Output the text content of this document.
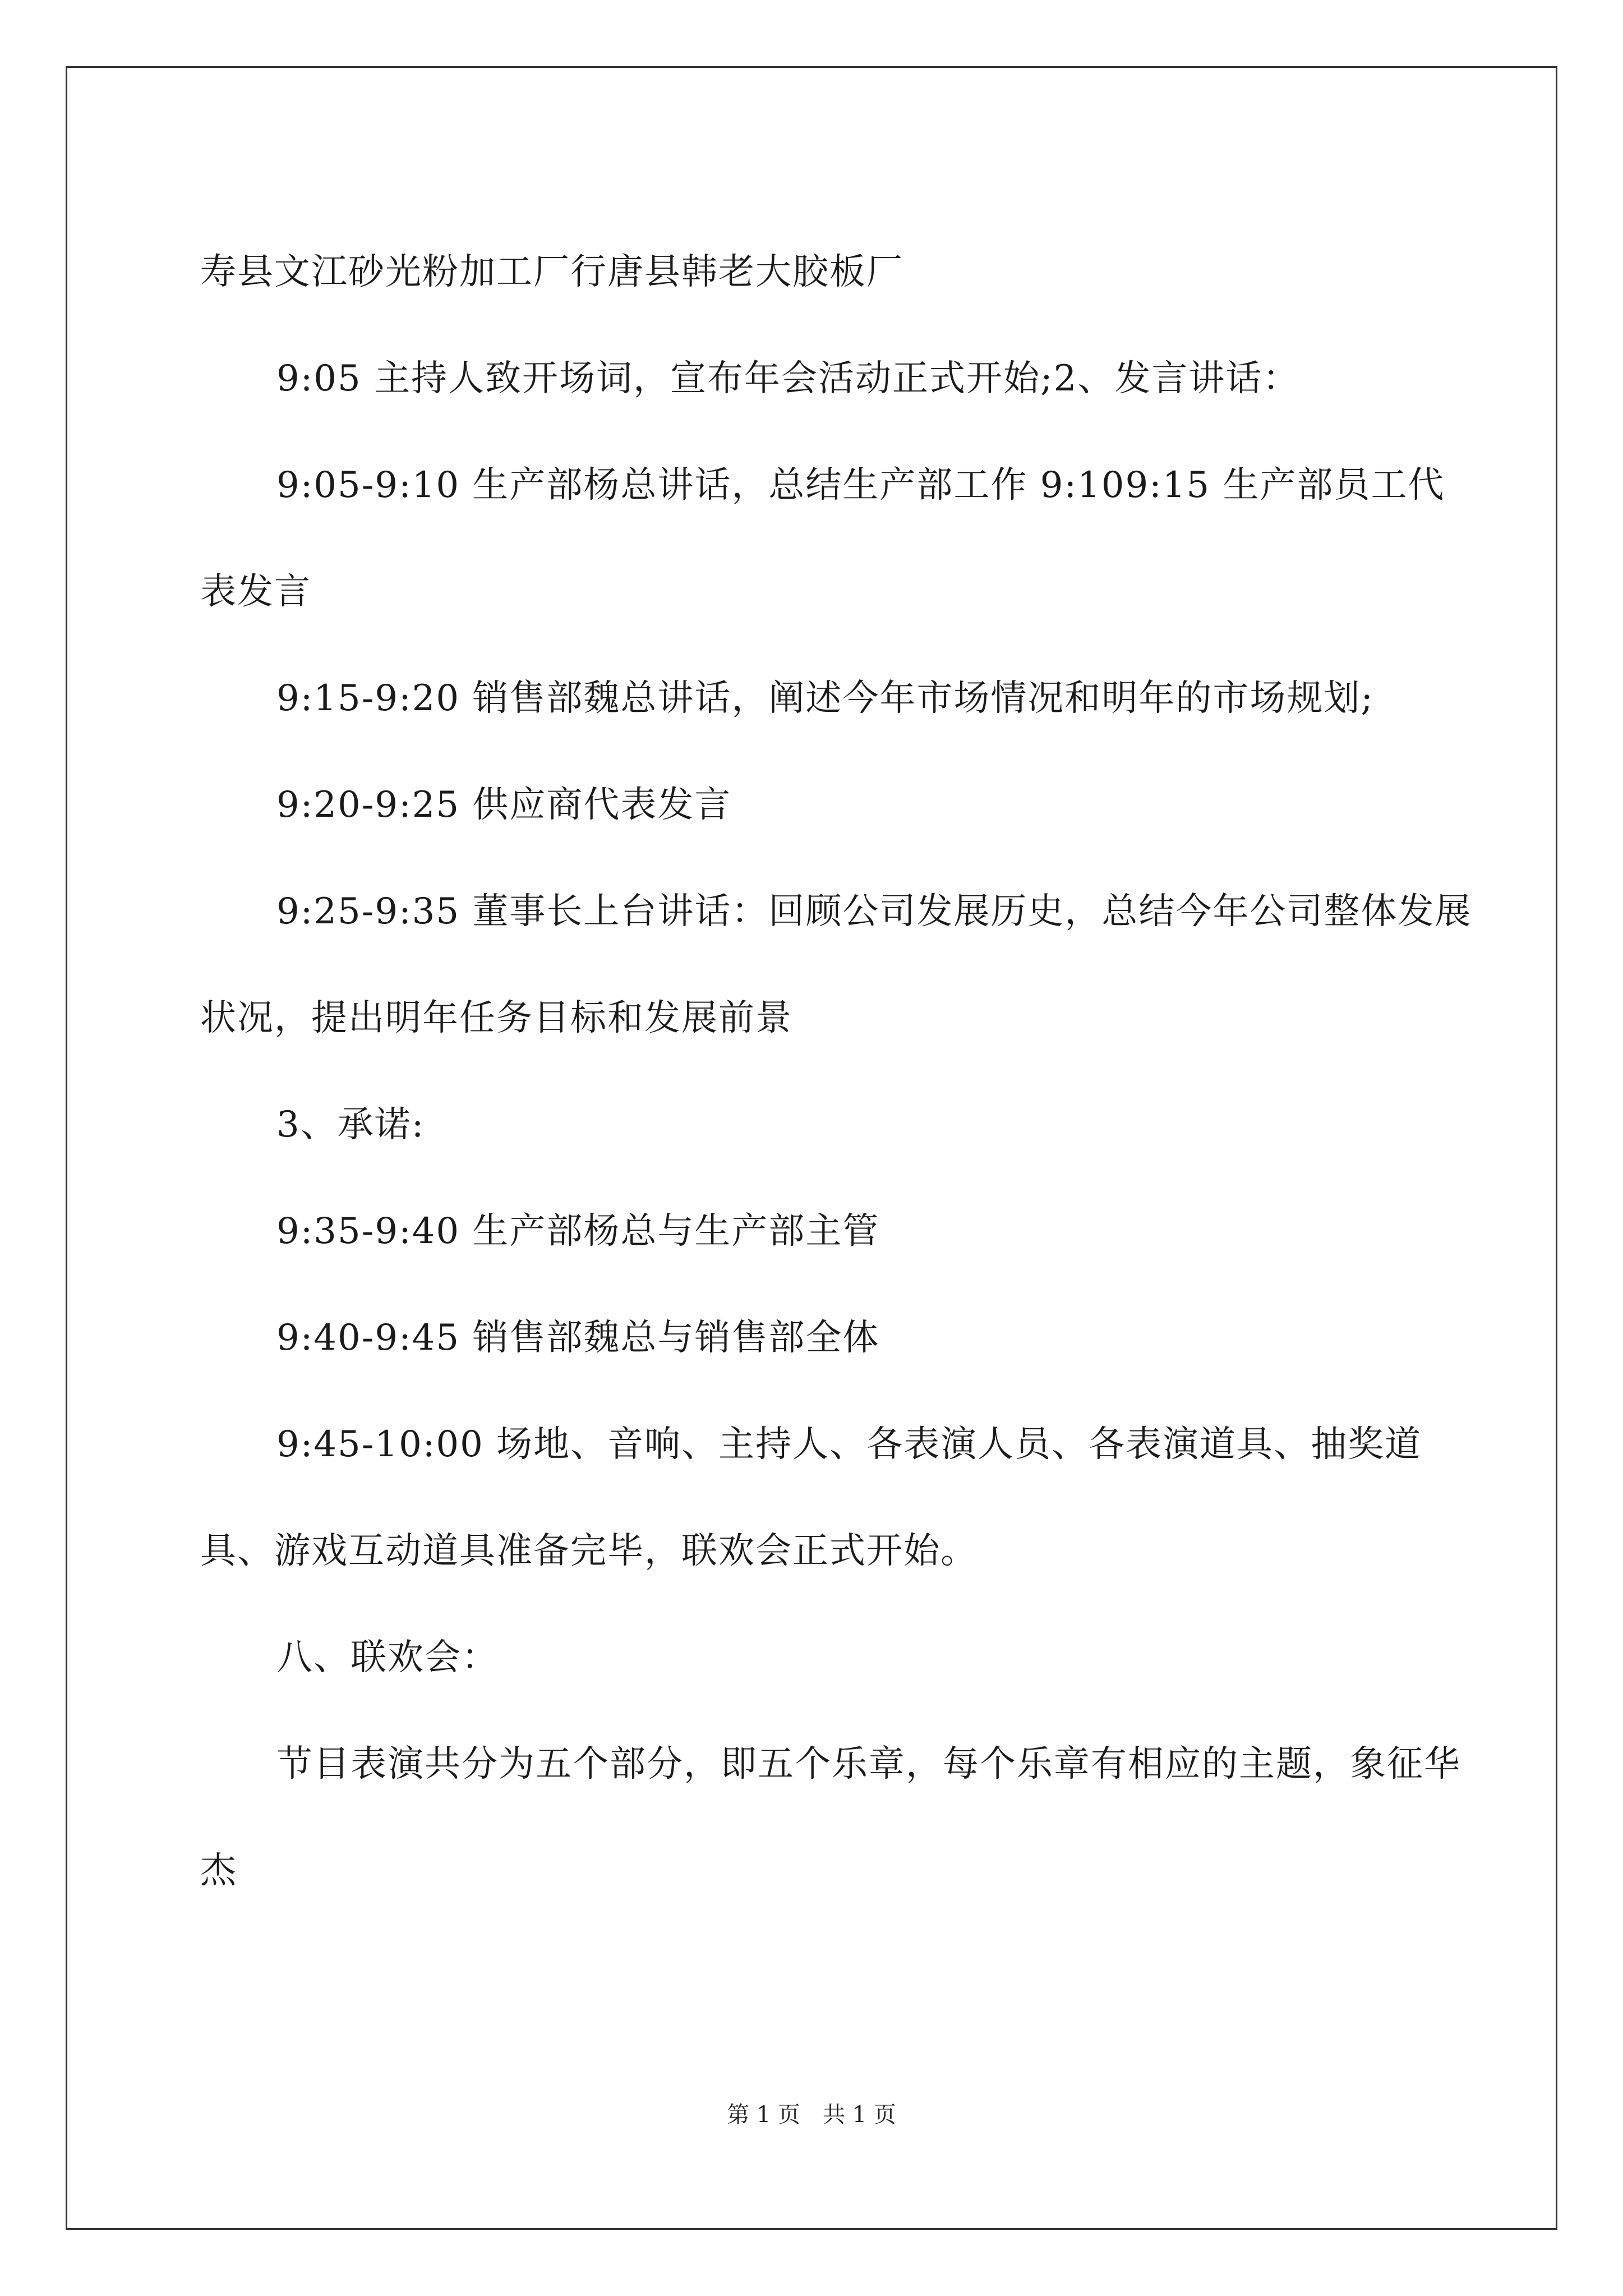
寿县文江砂光粉加工厂行唐县韩老大胶板厂

9:05 主持人致开场词，宣布年会活动正式开始;2、发言讲话：

9:05-9:10 生产部杨总讲话，总结生产部工作 9:109:15 生产部员工代表发言

9:15-9:20 销售部魏总讲话，阐述今年市场情况和明年的市场规划;

9:20-9:25 供应商代表发言

9:25-9:35 董事长上台讲话：回顾公司发展历史，总结今年公司整体发展状况，提出明年任务目标和发展前景

3、承诺:

9:35-9:40 生产部杨总与生产部主管

9:40-9:45 销售部魏总与销售部全体

9:45-10:00 场地、音响、主持人、各表演人员、各表演道具、抽奖道具、游戏互动道具准备完毕，联欢会正式开始。

八、联欢会：

节目表演共分为五个部分，即五个乐章，每个乐章有相应的主题，象征华杰

第 1 页 共 1 页
